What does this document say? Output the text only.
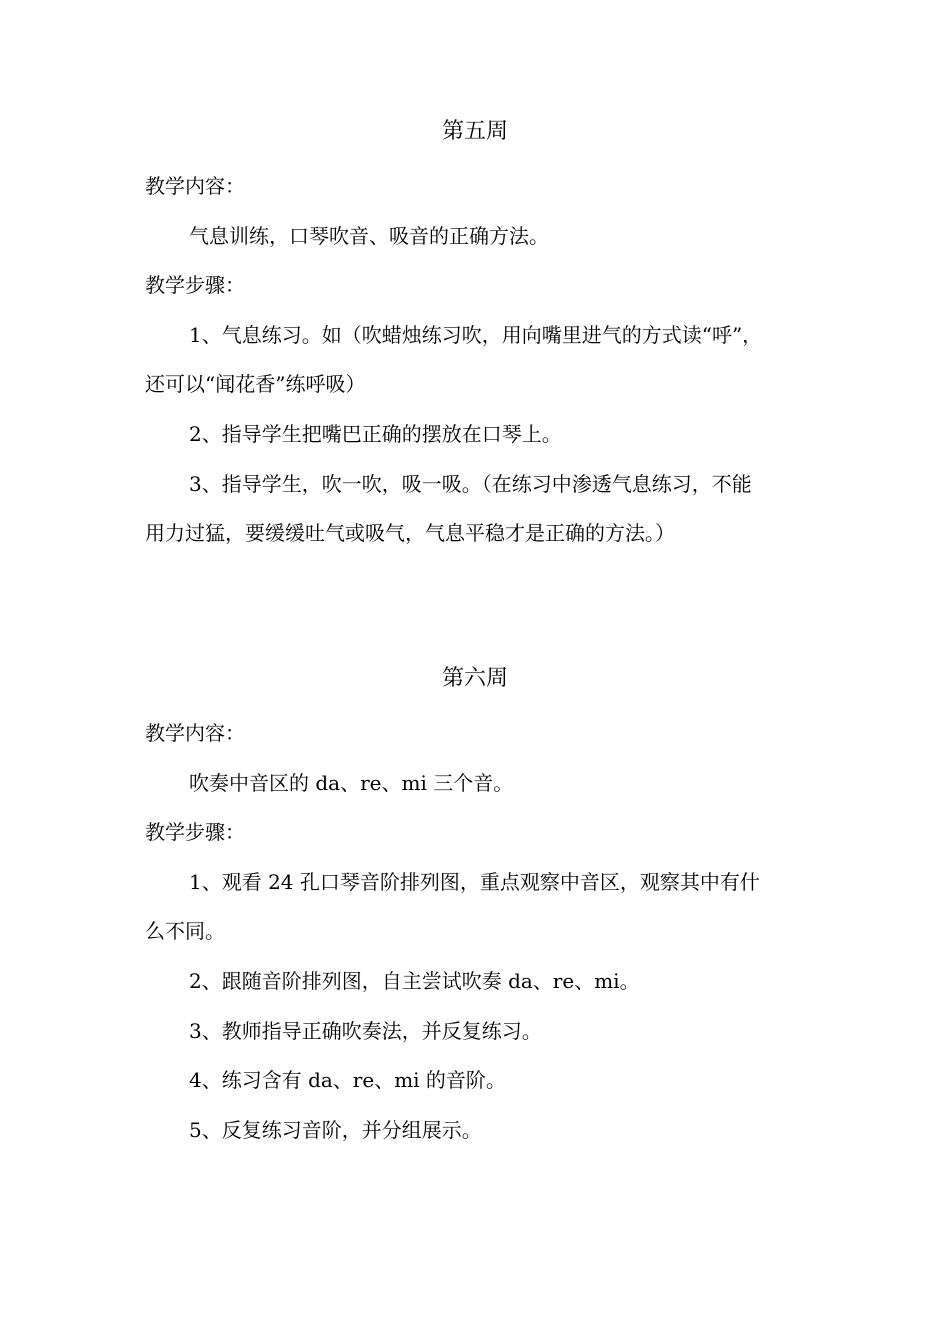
第五周

教学内容：

气息训练，口琴吹音、吸音的正确方法。

教学步骤：

1、气息练习。如（吹蜡烛练习吹，用向嘴里进气的方式读“呼”，

还可以“闻花香”练呼吸）

2、指导学生把嘴巴正确的摆放在口琴上。

3、指导学生，吹一吹，吸一吸。（在练习中渗透气息练习，不能

用力过猛，要缓缓吐气或吸气，气息平稳才是正确的方法。）

第六周

教学内容：

吹奏中音区的 da、re、mi 三个音。

教学步骤：

1、观看 24 孔口琴音阶排列图，重点观察中音区，观察其中有什

么不同。

2、跟随音阶排列图，自主尝试吹奏 da、re、mi。

3、教师指导正确吹奏法，并反复练习。

4、练习含有 da、re、mi 的音阶。

5、反复练习音阶，并分组展示。
